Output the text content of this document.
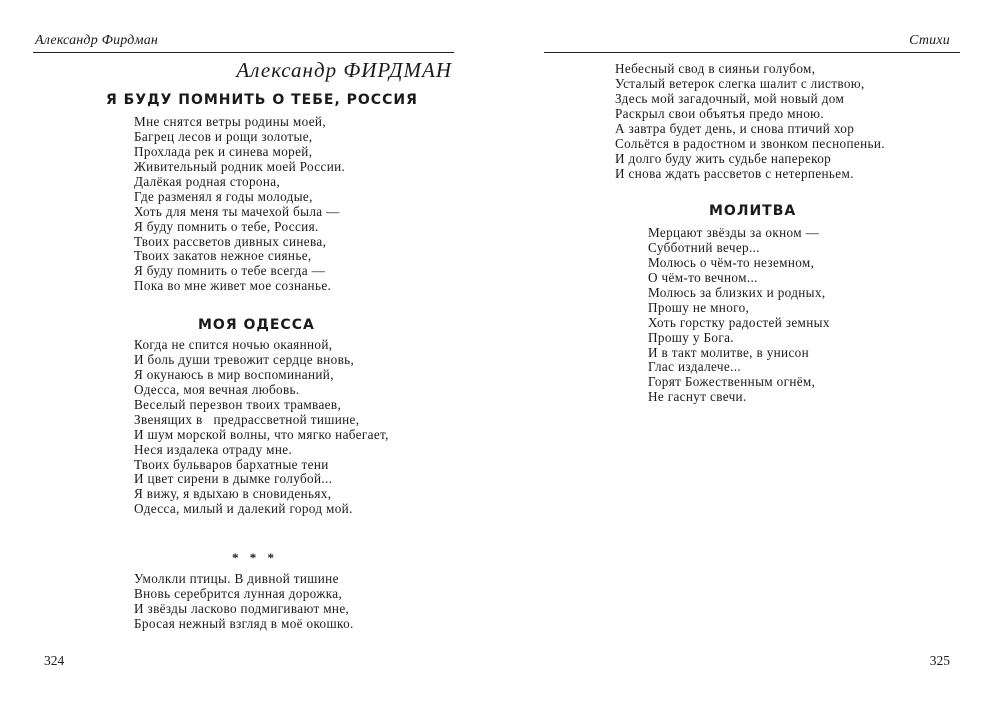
Александр Фирдман
Александр ФИРДМАН
Я БУДУ ПОМНИТЬ О ТЕБЕ, РОССИЯ
Мне снятся ветры родины моей,
Багрец лесов и рощи золотые,
Прохлада рек и синева морей,
Живительный родник моей России.
Далёкая родная сторона,
Где разменял я годы молодые,
Хоть для меня ты мачехой была —
Я буду помнить о тебе, Россия.
Твоих рассветов дивных синева,
Твоих закатов нежное сиянье,
Я буду помнить о тебе всегда —
Пока во мне живет мое сознанье.
МОЯ ОДЕССА
Когда не спится ночью окаянной,
И боль души тревожит сердце вновь,
Я окунаюсь в мир воспоминаний,
Одесса, моя вечная любовь.
Веселый перезвон твоих трамваев,
Звенящих в   предрассветной тишине,
И шум морской волны, что мягко набегает,
Неся издалека отраду мне.
Твоих бульваров бархатные тени
И цвет сирени в дымке голубой...
Я вижу, я вдыхаю в сновиденьях,
Одесса, милый и далекий город мой.
* * *
Умолкли птицы. В дивной тишине
Вновь серебрится лунная дорожка,
И звёзды ласково подмигивают мне,
Бросая нежный взгляд в моё окошко.
324
Стихи
Небесный свод в сияньи голубом,
Усталый ветерок слегка шалит с листвою,
Здесь мой загадочный, мой новый дом
Раскрыл свои объятья предо мною.
А завтра будет день, и снова птичий хор
Сольётся в радостном и звонком песнопеньи.
И долго буду жить судьбе наперекор
И снова ждать рассветов с нетерпеньем.
МОЛИТВА
Мерцают звёзды за окном —
Субботний вечер...
Молюсь о чём-то неземном,
О чём-то вечном...
Молюсь за близких и родных,
Прошу не много,
Хоть горстку радостей земных
Прошу у Бога.
И в такт молитве, в унисон
Глас издалече...
Горят Божественным огнём,
Не гаснут свечи.
325
